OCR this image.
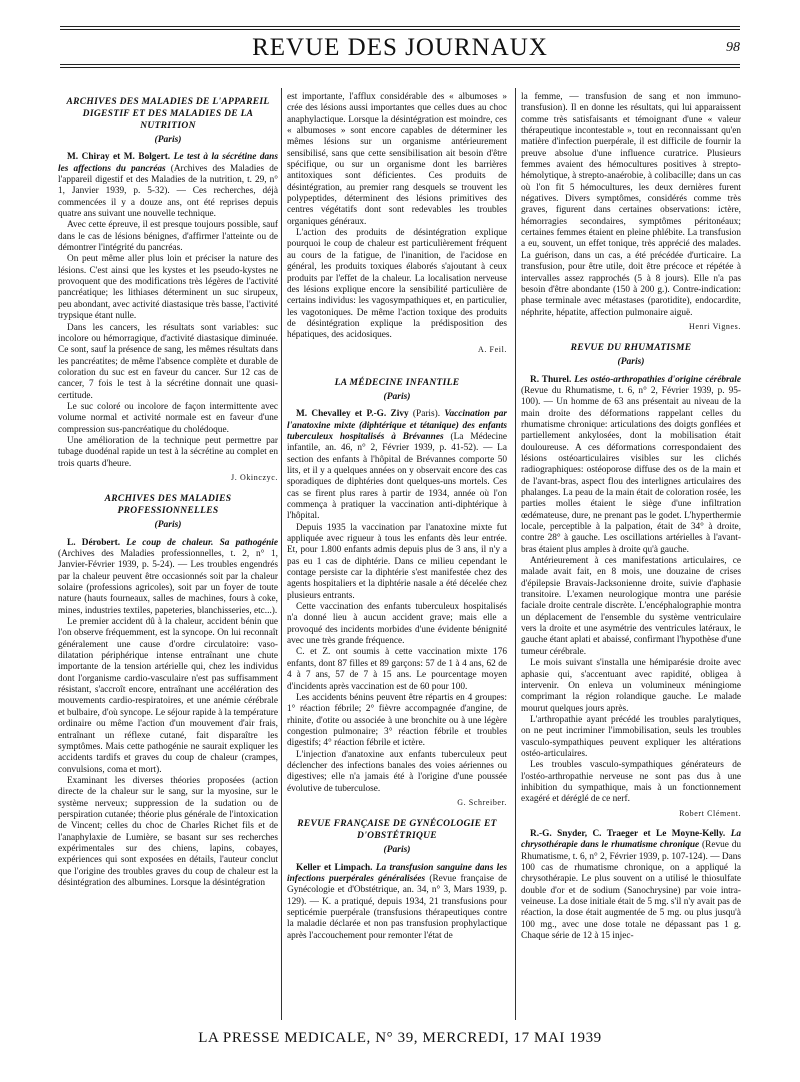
REVUE DES JOURNAUX	98
ARCHIVES DES MALADIES DE L'APPAREIL DIGESTIF ET DES MALADIES DE LA NUTRITION
(Paris)

M. Chiray et M. Bolgert. Le test à la sécrétine dans les affections du pancréas (Archives des Maladies de l'appareil digestif et des Maladies de la nutrition, t. 29, n° 1, Janvier 1939, p. 5-32). — Ces recherches, déjà commencées il y a douze ans, ont été reprises depuis quatre ans suivant une nouvelle technique.

Avec cette épreuve, il est presque toujours possible, sauf dans le cas de lésions bénignes, d'affirmer l'atteinte ou de démontrer l'intégrité du pancréas.

On peut même aller plus loin et préciser la nature des lésions. C'est ainsi que les kystes et les pseudo-kystes ne provoquent que des modifications très légères de l'activité pancréatique; les lithiases déterminent un suc sirupeux, peu abondant, avec activité diastasique très basse, l'activité trypsique étant nulle.

Dans les cancers, les résultats sont variables: suc incolore ou hémorragique, d'activité diastasique diminuée. Ce sont, sauf la présence de sang, les mêmes résultats dans les pancréatites; de même l'absence complète et durable de coloration du suc est en faveur du cancer. Sur 12 cas de cancer, 7 fois le test à la sécrétine donnait une quasi-certitude.

Le suc coloré ou incolore de façon intermittente avec volume normal et activité normale est en faveur d'une compression sus-pancréatique du cholédoque.

Une amélioration de la technique peut permettre par tubage duodénal rapide un test à la sécrétine au complet en trois quarts d'heure.

J. Okinczyc.

ARCHIVES DES MALADIES PROFESSIONNELLES
(Paris)

L. Dérobert. Le coup de chaleur. Sa pathogénie (Archives des Maladies professionnelles, t. 2, n° 1, Janvier-Février 1939, p. 5-24). — Les troubles engendrés par la chaleur peuvent être occasionnés soit par la chaleur solaire (professions agricoles), soit par un foyer de toute nature (hauts fourneaux, salles de machines, fours à coke, mines, industries textiles, papeteries, blanchisseries, etc...).

Le premier accident dû à la chaleur, accident bénin que l'on observe fréquemment, est la syncope. On lui reconnaît généralement une cause d'ordre circulatoire: vaso-dilatation périphérique intense entraînant une chute importante de la tension artérielle qui, chez les individus dont l'organisme cardio-vasculaire n'est pas suffisamment résistant, s'accroît encore, entraînant une accélération des mouvements cardio-respiratoires, et une anémie cérébrale et bulbaire, d'où syncope. Le séjour rapide à la température ordinaire ou même l'action d'un mouvement d'air frais, entraînant un réflexe cutané, fait disparaître les symptômes. Mais cette pathogénie ne saurait expliquer les accidents tardifs et graves du coup de chaleur (crampes, convulsions, coma et mort).

Examinant les diverses théories proposées (action directe de la chaleur sur le sang, sur la myosine, sur le système nerveux; suppression de la sudation ou de perspiration cutanée; théorie plus générale de l'intoxication de Vincent; celles du choc de Charles Richet fils et de l'anaphylaxie de Lumière, se basant sur ses recherches expérimentales sur des chiens, lapins, cobayes, expériences qui sont exposées en détails, l'auteur conclut que l'origine des troubles graves du coup de chaleur est la désintégration des albumines. Lorsque la désintégration

est importante, l'afflux considérable des « albumoses » crée des lésions aussi importantes que celles dues au choc anaphylactique. Lorsque la désintégration est moindre, ces « albumoses » sont encore capables de déterminer les mêmes lésions sur un organisme antérieurement sensibilisé, sans que cette sensibilisation ait besoin d'être spécifique, ou sur un organisme dont les barrières antitoxiques sont déficientes. Ces produits de désintégration, au premier rang desquels se trouvent les polypeptides, déterminent des lésions primitives des centres végétatifs dont sont redevables les troubles organiques généraux.

L'action des produits de désintégration explique pourquoi le coup de chaleur est particulièrement fréquent au cours de la fatigue, de l'inanition, de l'acidose en général, les produits toxiques élaborés s'ajoutant à ceux produits par l'effet de la chaleur. La localisation nerveuse des lésions explique encore la sensibilité particulière de certains individus: les vagosympathiques et, en particulier, les vagotoniques. De même l'action toxique des produits de désintégration explique la prédisposition des hépatiques, des acidosiques.

A. Feil.

LA MÉDECINE INFANTILE
(Paris)

M. Chevalley et P.-G. Zivy (Paris). Vaccination par l'anatoxine mixte (diphtérique et tétanique) des enfants tuberculeux hospitalisés à Brévannes (La Médecine infantile, an. 46, n° 2, Février 1939, p. 41-52). — La section des enfants à l'hôpital de Brévannes comporte 50 lits, et il y a quelques années on y observait encore des cas sporadiques de diphtéries dont quelques-uns mortels. Ces cas se firent plus rares à partir de 1934, année où l'on commença à pratiquer la vaccination anti-diphtérique à l'hôpital.

Depuis 1935 la vaccination par l'anatoxine mixte fut appliquée avec rigueur à tous les enfants dès leur entrée. Et, pour 1.800 enfants admis depuis plus de 3 ans, il n'y a pas eu 1 cas de diphtérie. Dans ce milieu cependant le contage persiste car la diphtérie s'est manifestée chez des agents hospitaliers et la diphtérie nasale a été décelée chez plusieurs entrants.

Cette vaccination des enfants tuberculeux hospitalisés n'a donné lieu à aucun accident grave; mais elle a provoqué des incidents morbides d'une évidente bénignité avec une très grande fréquence.

C. et Z. ont soumis à cette vaccination mixte 176 enfants, dont 87 filles et 89 garçons: 57 de 1 à 4 ans, 62 de 4 à 7 ans, 57 de 7 à 15 ans. Le pourcentage moyen d'incidents après vaccination est de 60 pour 100.

Les accidents bénins peuvent être répartis en 4 groupes: 1° réaction fébrile; 2° fièvre accompagnée d'angine, de rhinite, d'otite ou associée à une bronchite ou à une légère congestion pulmonaire; 3° réaction fébrile et troubles digestifs; 4° réaction fébrile et ictère.

L'injection d'anatoxine aux enfants tuberculeux peut déclencher des infections banales des voies aériennes ou digestives; elle n'a jamais été à l'origine d'une poussée évolutive de tuberculose.

G. Schreiber.

REVUE FRANÇAISE DE GYNÉCOLOGIE ET D'OBSTÉTRIQUE
(Paris)

Keller et Limpach. La transfusion sanguine dans les infections puerpérales généralisées (Revue française de Gynécologie et d'Obstétrique, an. 34, n° 3, Mars 1939, p. 129). — K. a pratiqué, depuis 1934, 21 transfusions pour septicémie puerpérale (transfusions thérapeutiques contre la maladie déclarée et non pas transfusion prophylactique après l'accouchement pour remonter l'état de

la femme, — transfusion de sang et non immuno-transfusion). Il en donne les résultats, qui lui apparaissent comme très satisfaisants et témoignant d'une « valeur thérapeutique incontestable », tout en reconnaissant qu'en matière d'infection puerpérale, il est difficile de fournir la preuve absolue d'une influence curatrice. Plusieurs femmes avaient des hémocultures positives à strepto-hémolytique, à strepto-anaérobie, à colibacille; dans un cas où l'on fit 5 hémocultures, les deux dernières furent négatives. Divers symptômes, considérés comme très graves, figurent dans certaines observations: ictère, hémorragies secondaires, symptômes péritonéaux; certaines femmes étaient en pleine phlébite. La transfusion a eu, souvent, un effet tonique, très apprécié des malades. La guérison, dans un cas, a été précédée d'urticaire. La transfusion, pour être utile, doit être précoce et répétée à intervalles assez rapprochés (5 à 8 jours). Elle n'a pas besoin d'être abondante (150 à 200 g.). Contre-indication: phase terminale avec métastases (parotidite), endocardite, néphrite, hépatite, affection pulmonaire aiguë.

Henri Vignes.

REVUE DU RHUMATISME
(Paris)

R. Thurel. Les ostéo-arthropathies d'origine cérébrale (Revue du Rhumatisme, t. 6, n° 2, Février 1939, p. 95-100). — Un homme de 63 ans présentait au niveau de la main droite des déformations rappelant celles du rhumatisme chronique: articulations des doigts gonflées et partiellement ankylosées, dont la mobilisation était douloureuse. A ces déformations correspondaient des lésions ostéoarticulaires visibles sur les clichés radiographiques: ostéoporose diffuse des os de la main et de l'avant-bras, aspect flou des interlignes articulaires des phalanges. La peau de la main était de coloration rosée, les parties molles étaient le siège d'une infiltration œdémateuse, dure, ne prenant pas le godet. L'hyperthermie locale, perceptible à la palpation, était de 34° à droite, contre 28° à gauche. Les oscillations artérielles à l'avant-bras étaient plus amples à droite qu'à gauche.

Antérieurement à ces manifestations articulaires, ce malade avait fait, en 8 mois, une douzaine de crises d'épilepsie Bravais-Jacksonienne droite, suivie d'aphasie transitoire. L'examen neurologique montra une parésie faciale droite centrale discrète. L'encéphalographie montra un déplacement de l'ensemble du système ventriculaire vers la droite et une asymétrie des ventricules latéraux, le gauche étant aplati et abaissé, confirmant l'hypothèse d'une tumeur cérébrale.

Le mois suivant s'installa une hémiparésie droite avec aphasie qui, s'accentuant avec rapidité, obligea à intervenir. On enleva un volumineux méningiome comprimant la région rolandique gauche. Le malade mourut quelques jours après.

L'arthropathie ayant précédé les troubles paralytiques, on ne peut incriminer l'immobilisation, seuls les troubles vasculo-sympathiques peuvent expliquer les altérations ostéo-articulaires.

Les troubles vasculo-sympathiques générateurs de l'ostéo-arthropathie nerveuse ne sont pas dus à une inhibition du sympathique, mais à un fonctionnement exagéré et déréglé de ce nerf.

Robert Clément.

R.-G. Snyder, C. Traeger et Le Moyne-Kelly. La chrysothérapie dans le rhumatisme chronique (Revue du Rhumatisme, t. 6, n° 2, Février 1939, p. 107-124). — Dans 100 cas de rhumatisme chronique, on a appliqué la chrysothérapie. Le plus souvent on a utilisé le thiosulfate double d'or et de sodium (Sanochrysine) par voie intra-veineuse. La dose initiale était de 5 mg. s'il n'y avait pas de réaction, la dose était augmentée de 5 mg. ou plus jusqu'à 100 mg., avec une dose totale ne dépassant pas 1 g. Chaque série de 12 à 15 injec-

LA PRESSE MEDICALE, N° 39, MERCREDI, 17 MAI 1939
